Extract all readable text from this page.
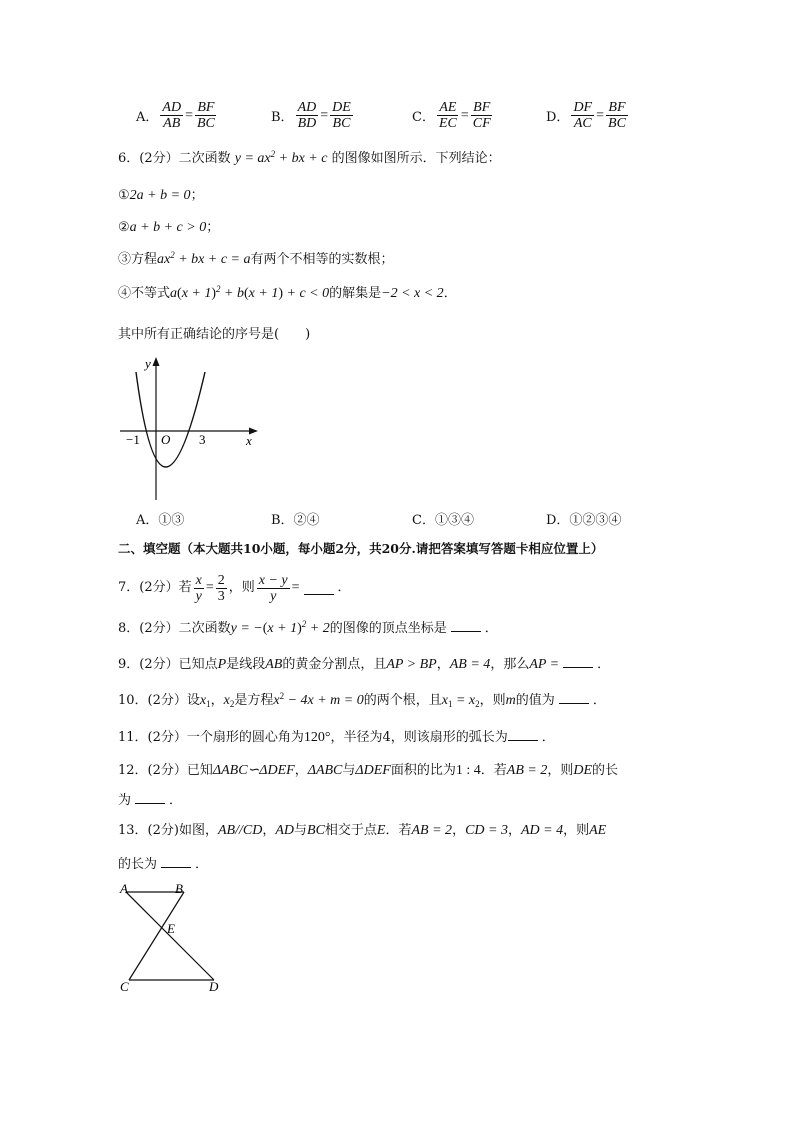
A． $\frac{AD}{AB} = \frac{BF}{BC}$	B． $\frac{AD}{BD} = \frac{DE}{BC}$	C． $\frac{AE}{EC} = \frac{BF}{CF}$	D． $\frac{DF}{AC} = \frac{BF}{BC}$
6．(2分）二次函数 $y = ax^2$ + bx + c 的图像如图所示．下列结论：
①2a + b = 0；
②a + b + c > 0；
③方程$ax^2$ + bx + c = a有两个不相等的实数根；
④不等式$a(x + 1)^2 + b(x + 1) + c < 0$的解集是−2 < x < 2．
其中所有正确结论的序号是(　　)
y
x
O
−1	3
A．①③	B．②④	C．①③④	D．①②③④
二、填空题（本大题共10小题，每小题2分，共20分.请把答案填写答题卡相应位置上）
7．(2分）若 $\frac{x}{y} = \frac{2}{3}$ ，则 $\frac{x - y}{y}$ =	．
8．(2分）二次函数$y = -(x + 1)^2 + 2$的图像的顶点坐标是	．
9．(2分）已知点P是线段AB的黄金分割点，且AP > BP，AB = 4，那么AP =	．
10．(2分）设$x_1$，$x_2$是方程$x^2 - 4x + m = 0$的两个根，且$x_1 = x_2$，则m的值为	．
11．(2分）一个扇形的圆心角为120°，半径为4，则该扇形的弧长为	．
12．(2分）已知ΔABC∽ΔDEF，ΔABC与ΔDEF面积的比为1 : 4．若AB = 2，则DE的长
为	．
13．(2分)如图，AB//CD，AD与BC相交于点E．若AB = 2，CD = 3，AD = 4，则AE
的长为	．
A	B
E
C	D
